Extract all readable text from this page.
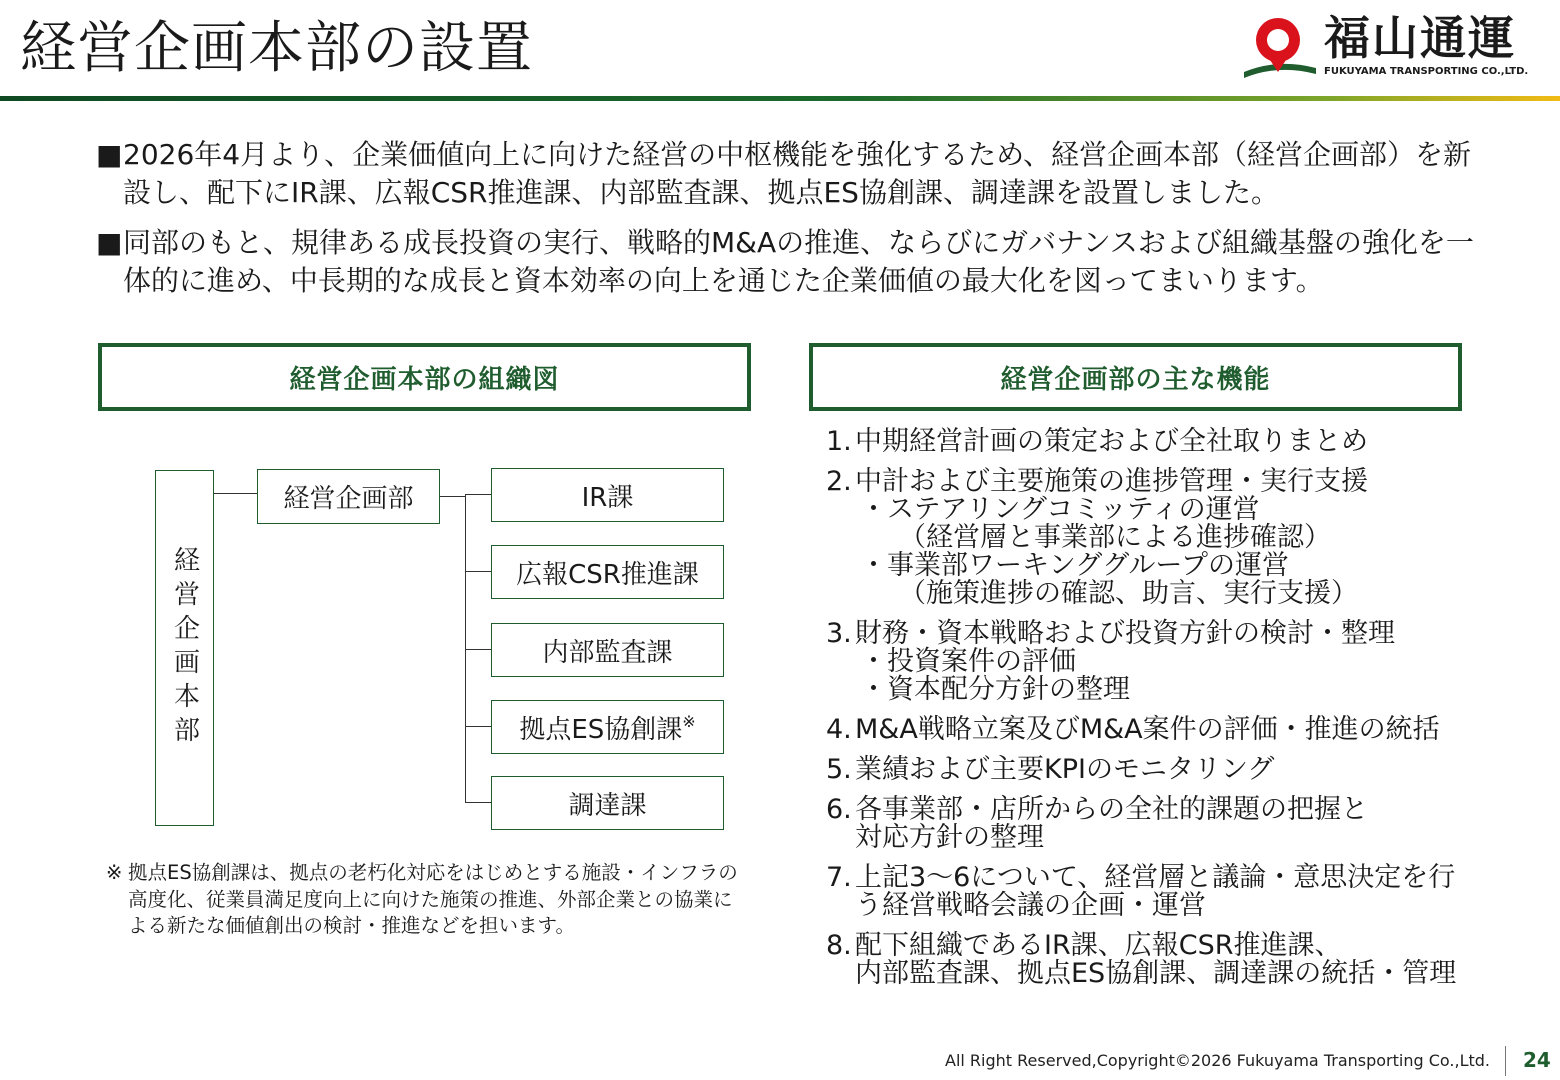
経営企画本部の設置	福山通運
FUKUYAMA TRANSPORTING CO.,LTD.
■ 2026年4月より、企業価値向上に向けた経営の中枢機能を強化するため、経営企画本部（経営企画部）を新設し、配下にIR課、広報CSR推進課、内部監査課、拠点ES協創課、調達課を設置しました。
■ 同部のもと、規律ある成長投資の実行、戦略的M&Aの推進、ならびにガバナンスおよび組織基盤の強化を一体的に進め、中長期的な成長と資本効率の向上を通じた企業価値の最大化を図ってまいります。
経営企画本部の組織図	経営企画部の主な機能
経営企画本部
経営企画部	IR課
広報CSR推進課
内部監査課
拠点ES協創課 ※
調達課
※ 拠点ES協創課は、拠点の老朽化対応をはじめとする施設・インフラの高度化、従業員満足度向上に向けた施策の推進、外部企業との協業による新たな価値創出の検討・推進などを担います。
1. 中期経営計画の策定および全社取りまとめ
2. 中計および主要施策の進捗管理・実行支援
・ステアリングコミッティの運営
（経営層と事業部による進捗確認）
・事業部ワーキンググループの運営
（施策進捗の確認、助言、実行支援）
3. 財務・資本戦略および投資方針の検討・整理
・投資案件の評価
・資本配分方針の整理
4. M&A戦略立案及びM&A案件の評価・推進の統括
5. 業績および主要KPIのモニタリング
6. 各事業部・店所からの全社的課題の把握と
対応方針の整理
7. 上記3～6について、経営層と議論・意思決定を行
う経営戦略会議の企画・運営
8. 配下組織であるIR課、広報CSR推進課、
内部監査課、拠点ES協創課、調達課の統括・管理
All Right Reserved,Copyright©2026 Fukuyama Transporting Co.,Ltd. 24
